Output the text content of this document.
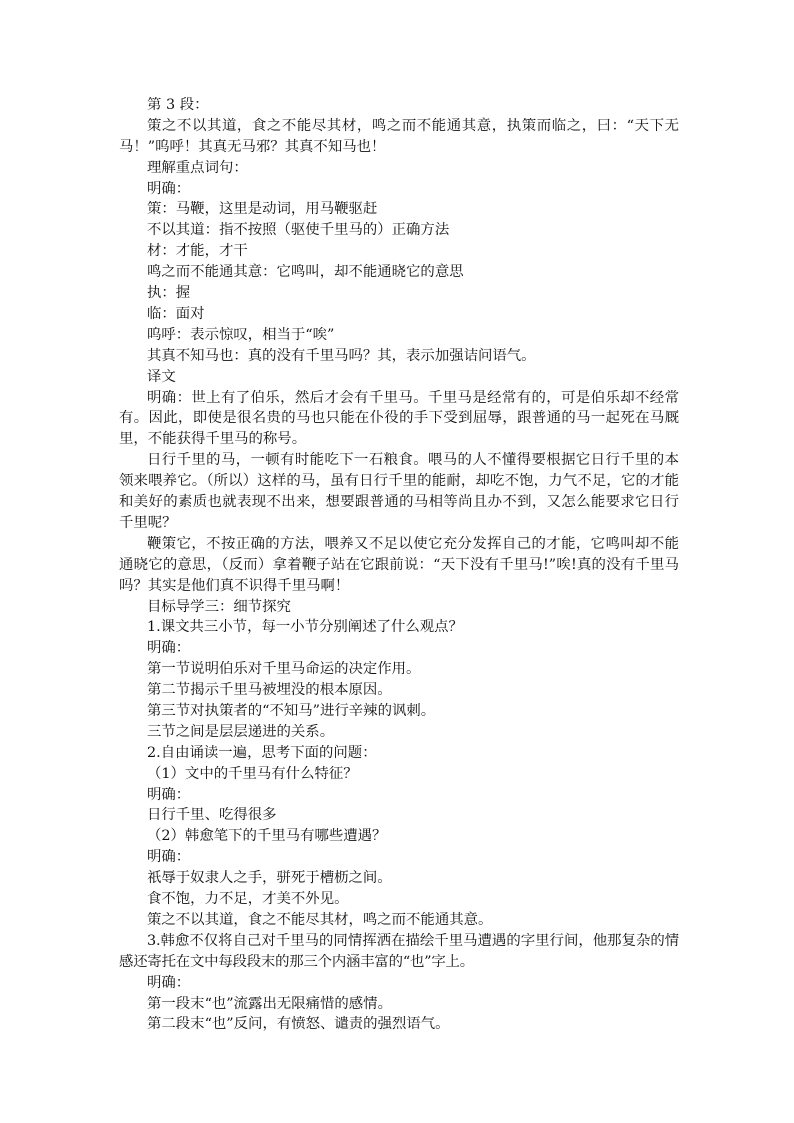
第 3 段：
策之不以其道，食之不能尽其材，鸣之而不能通其意，执策而临之，曰：“天下无马！”呜呼！其真无马邪？其真不知马也！
理解重点词句：
明确：
策：马鞭，这里是动词，用马鞭驱赶
不以其道：指不按照（驱使千里马的）正确方法
材：才能，才干
鸣之而不能通其意：它鸣叫，却不能通晓它的意思
执：握
临：面对
呜呼：表示惊叹，相当于“唉”
其真不知马也：真的没有千里马吗？其，表示加强诘问语气。
译文
明确：世上有了伯乐，然后才会有千里马。千里马是经常有的，可是伯乐却不经常有。因此，即使是很名贵的马也只能在仆役的手下受到屈辱，跟普通的马一起死在马厩里，不能获得千里马的称号。
日行千里的马，一顿有时能吃下一石粮食。喂马的人不懂得要根据它日行千里的本领来喂养它。（所以）这样的马，虽有日行千里的能耐，却吃不饱，力气不足，它的才能和美好的素质也就表现不出来，想要跟普通的马相等尚且办不到，又怎么能要求它日行千里呢？
鞭策它，不按正确的方法，喂养又不足以使它充分发挥自己的才能，它鸣叫却不能通晓它的意思，（反而）拿着鞭子站在它跟前说：“天下没有千里马!”唉!真的没有千里马吗？其实是他们真不识得千里马啊！
目标导学三：细节探究
1.课文共三小节，每一小节分别阐述了什么观点？
明确：
第一节说明伯乐对千里马命运的决定作用。
第二节揭示千里马被埋没的根本原因。
第三节对执策者的“不知马”进行辛辣的讽刺。
三节之间是层层递进的关系。
2.自由诵读一遍，思考下面的问题：
（1）文中的千里马有什么特征？
明确：
日行千里、吃得很多
（2）韩愈笔下的千里马有哪些遭遇？
明确：
祇辱于奴隶人之手，骈死于槽枥之间。
食不饱，力不足，才美不外见。
策之不以其道，食之不能尽其材，鸣之而不能通其意。
3.韩愈不仅将自己对千里马的同情挥洒在描绘千里马遭遇的字里行间，他那复杂的情感还寄托在文中每段段末的那三个内涵丰富的“也”字上。
明确：
第一段末“也”流露出无限痛惜的感情。
第二段末“也”反问，有愤怒、谴责的强烈语气。
